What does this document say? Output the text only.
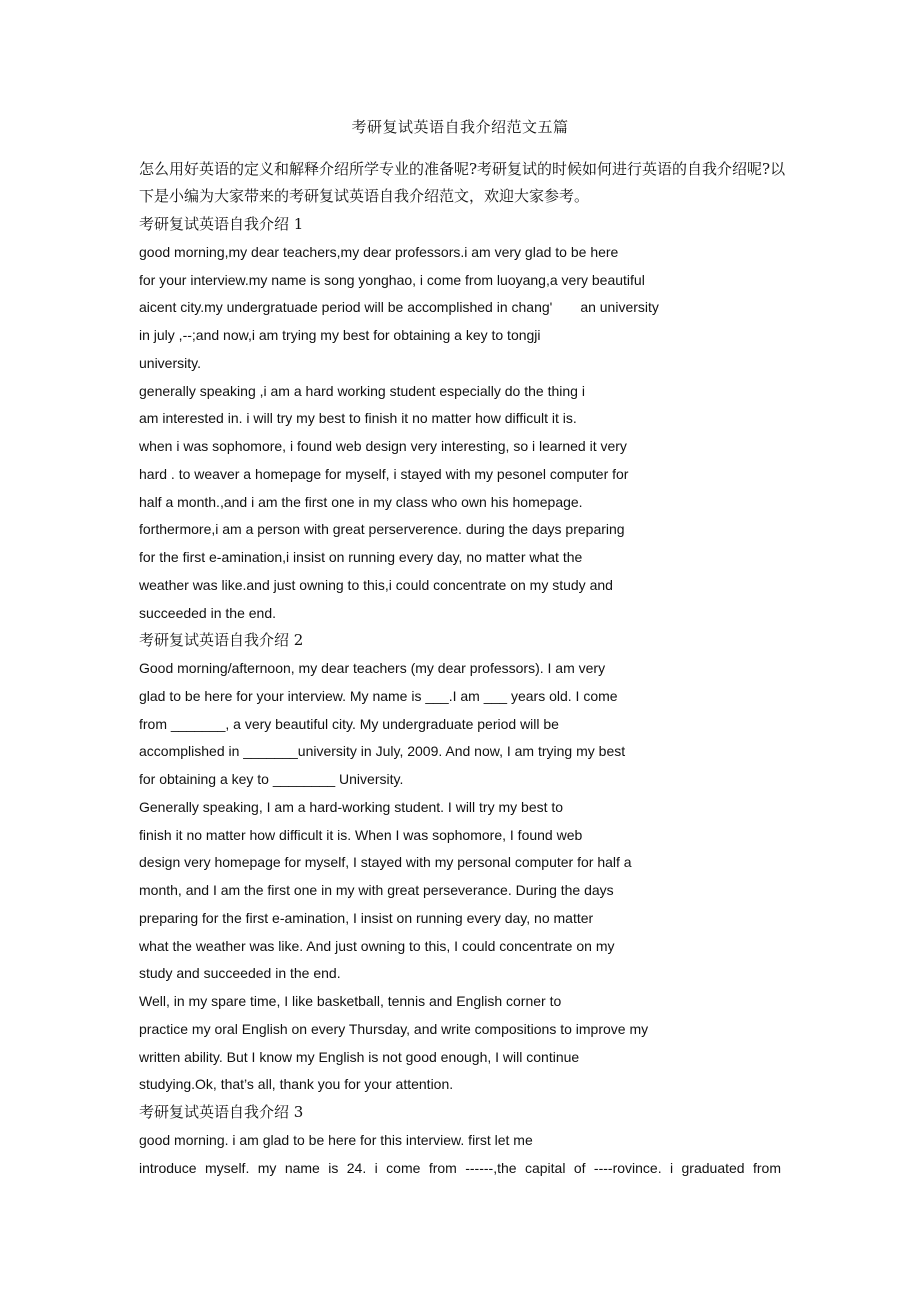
考研复试英语自我介绍范文五篇
怎么用好英语的定义和解释介绍所学专业的准备呢?考研复试的时候如何进行英语的自我介绍呢?以下是小编为大家带来的考研复试英语自我介绍范文，欢迎大家参考。
考研复试英语自我介绍 1
good morning,my dear teachers,my dear professors.i am very glad to be here
for your interview.my name is song yonghao, i come from luoyang,a very beautiful
aicent city.my undergratuade period will be accomplished in chang' an university
in july ,--;and now,i am trying my best for obtaining a key to tongji
university.
generally speaking ,i am a hard working student especially do the thing i
am interested in. i will try my best to finish it no matter how difficult it is.
when i was sophomore, i found web design very interesting, so i learned it very
hard . to weaver a homepage for myself, i stayed with my pesonel computer for
half a month.,and i am the first one in my class who own his homepage.
forthermore,i am a person with great perserverence. during the days preparing
for the first e-amination,i insist on running every day, no matter what the
weather was like.and just owning to this,i could concentrate on my study and
succeeded in the end.
考研复试英语自我介绍 2
Good morning/afternoon, my dear teachers (my dear professors). I am very
glad to be here for your interview. My name is ___.I am ___ years old. I come
from _______, a very beautiful city. My undergraduate period will be
accomplished in _______university in July, 2009. And now, I am trying my best
for obtaining a key to ________ University.
Generally speaking, I am a hard-working student. I will try my best to
finish it no matter how difficult it is. When I was sophomore, I found web
design very homepage for myself, I stayed with my personal computer for half a
month, and I am the first one in my with great perseverance. During the days
preparing for the first e-amination, I insist on running every day, no matter
what the weather was like. And just owning to this, I could concentrate on my
study and succeeded in the end.
Well, in my spare time, I like basketball, tennis and English corner to
practice my oral English on every Thursday, and write compositions to improve my
written ability. But I know my English is not good enough, I will continue
studying.Ok, that’s all, thank you for your attention.
考研复试英语自我介绍 3
good morning. i am glad to be here for this interview. first let me
introduce myself. my name is 24. i come from ------,the capital of ----rovince. i graduated from
